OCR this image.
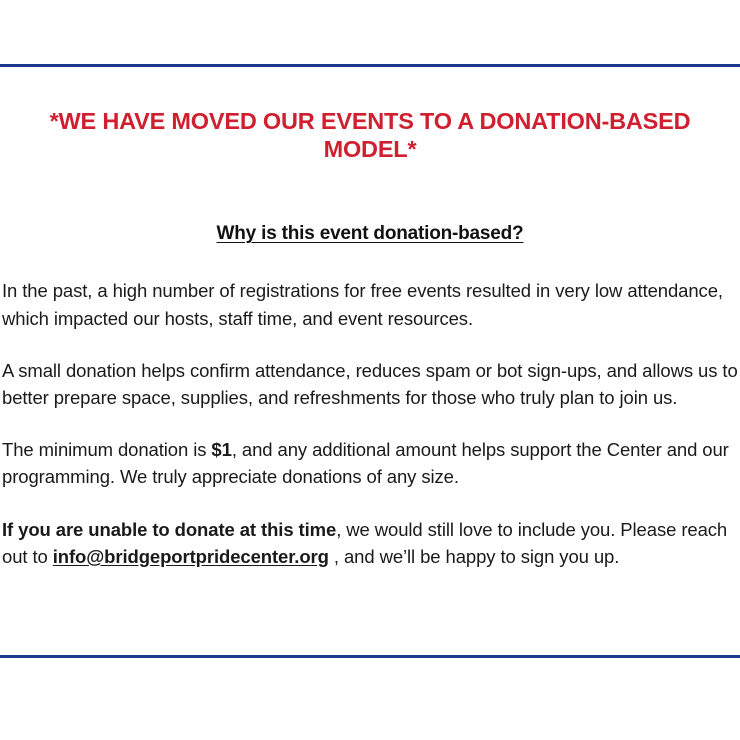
*WE HAVE MOVED OUR EVENTS TO A DONATION-BASED MODEL*
Why is this event donation-based?

In the past, a high number of registrations for free events resulted in very low attendance, which impacted our hosts, staff time, and event resources.

A small donation helps confirm attendance, reduces spam or bot sign-ups, and allows us to better prepare space, supplies, and refreshments for those who truly plan to join us.

The minimum donation is $1, and any additional amount helps support the Center and our programming. We truly appreciate donations of any size.

If you are unable to donate at this time, we would still love to include you. Please reach out to info@bridgeportpridecenter.org , and we’ll be happy to sign you up.
